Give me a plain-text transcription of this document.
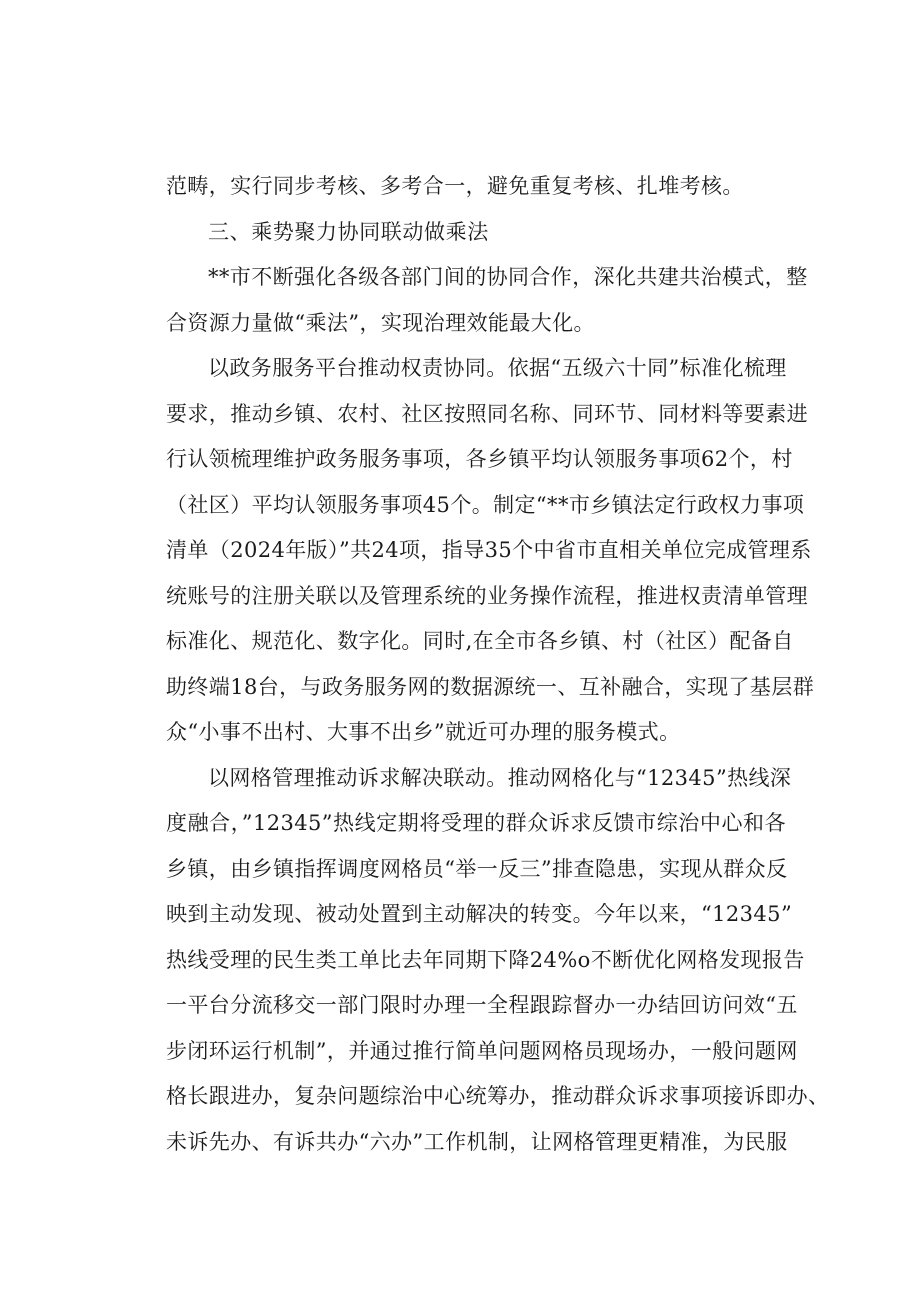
范畴，实行同步考核、多考合一，避免重复考核、扎堆考核。
三、乘势聚力协同联动做乘法
**市不断强化各级各部门间的协同合作，深化共建共治模式，整
合资源力量做“乘法”，实现治理效能最大化。
以政务服务平台推动权责协同。依据“五级六十同”标准化梳理
要求，推动乡镇、农村、社区按照同名称、同环节、同材料等要素进
行认领梳理维护政务服务事项，各乡镇平均认领服务事项62个，村
（社区）平均认领服务事项45个。制定“**市乡镇法定行政权力事项
清单（2024年版）”共24项，指导35个中省市直相关单位完成管理系
统账号的注册关联以及管理系统的业务操作流程，推进权责清单管理
标准化、规范化、数字化。同时,在全市各乡镇、村（社区）配备自
助终端18台，与政务服务网的数据源统一、互补融合，实现了基层群
众“小事不出村、大事不出乡”就近可办理的服务模式。
以网格管理推动诉求解决联动。推动网格化与“12345”热线深
度融合，”12345”热线定期将受理的群众诉求反馈市综治中心和各
乡镇，由乡镇指挥调度网格员“举一反三”排查隐患，实现从群众反
映到主动发现、被动处置到主动解决的转变。今年以来，“12345”
热线受理的民生类工单比去年同期下降24%o不断优化网格发现报告
一平台分流移交一部门限时办理一全程跟踪督办一办结回访问效“五
步闭环运行机制”，并通过推行简单问题网格员现场办，一般问题网
格长跟进办，复杂问题综治中心统筹办，推动群众诉求事项接诉即办、
未诉先办、有诉共办“六办”工作机制，让网格管理更精准，为民服
